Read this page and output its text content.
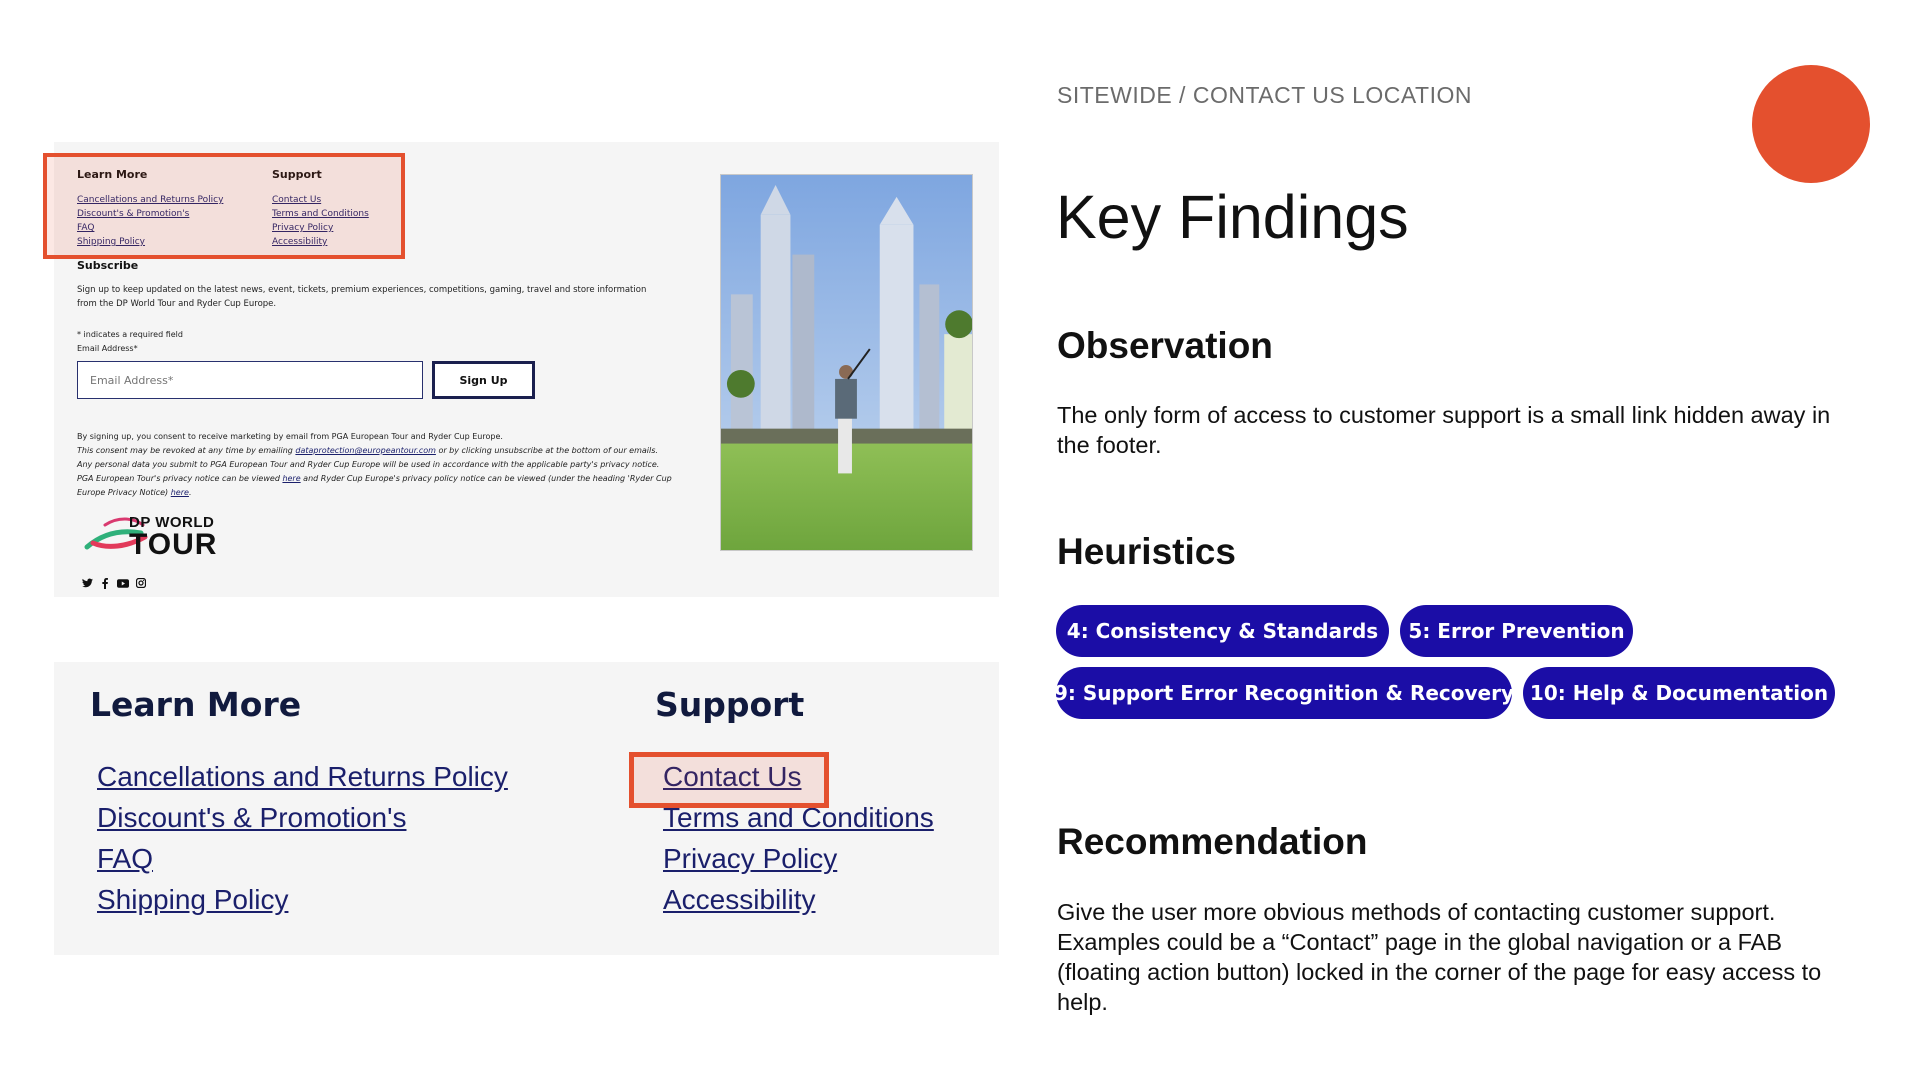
Learn More
Cancellations and Returns Policy
Discount's & Promotion's
FAQ
Shipping Policy
Support
Contact Us
Terms and Conditions
Privacy Policy
Accessibility
Subscribe
Sign up to keep updated on the latest news, event, tickets, premium experiences, competitions, gaming, travel and store information from the DP World Tour and Ryder Cup Europe.
* indicates a required field
Email Address*
Email Address*
Sign Up
By signing up, you consent to receive marketing by email from PGA European Tour and Ryder Cup Europe.
This consent may be revoked at any time by emailing dataprotection@europeantour.com or by clicking unsubscribe at the bottom of our emails. Any personal data you submit to PGA European Tour and Ryder Cup Europe will be used in accordance with the applicable party's privacy notice. PGA European Tour's privacy notice can be viewed here and Ryder Cup Europe's privacy policy notice can be viewed (under the heading 'Ryder Cup Europe Privacy Notice) here.
DP WORLD
TOUR
Learn More	Support
Cancellations and Returns Policy
Discount's & Promotion's
FAQ
Shipping Policy
Contact Us
Terms and Conditions
Privacy Policy
Accessibility
SITEWIDE / CONTACT US LOCATION
Key Findings
Observation
The only form of access to customer support is a small link hidden away in the footer.
Heuristics
4: Consistency & Standards	5: Error Prevention
9: Support Error Recognition & Recovery 10: Help & Documentation
Recommendation
Give the user more obvious methods of contacting customer support. Examples could be a “Contact” page in the global navigation or a FAB (floating action button) locked in the corner of the page for easy access to help.
